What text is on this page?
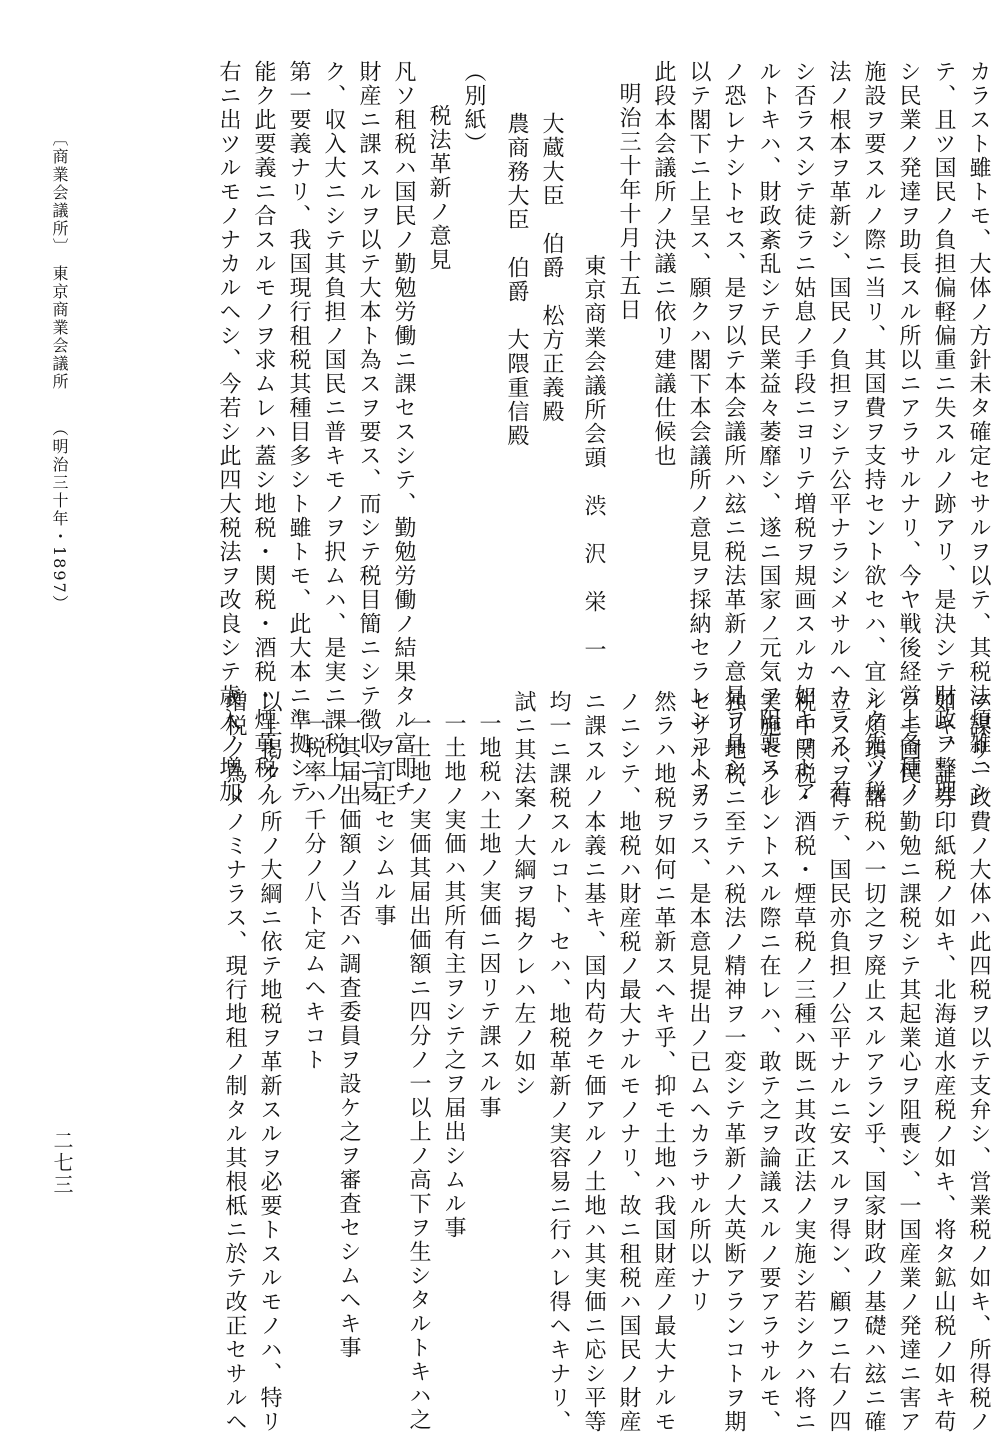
カラスト雖トモ、大体ノ方針未タ確定セサルヲ以テ、其税法煩雑ニシ
テ、且ツ国民ノ負担偏軽偏重ニ失スルノ跡アリ、是決シテ財政ヲ整理
シ民業ノ発達ヲ助長スル所以ニアラサルナリ、今ヤ戦後経営上各種ノ
施設ヲ要スルノ際ニ当リ、其国費ヲ支持セント欲セハ、宜シク先ツ税
法ノ根本ヲ革新シ、国民ノ負担ヲシテ公平ナラシメサルヘカラス、若
シ否ラスシテ徒ラニ姑息ノ手段ニヨリテ増税ヲ規画スルカ如キコトア
ルトキハ、財政紊乱シテ民業益々萎靡シ、遂ニ国家ノ元気ヲ阻喪スル
ノ恐レナシトセス、是ヲ以テ本会議所ハ玆ニ税法革新ノ意見ヲ具シ、
以テ閣下ニ上呈ス、願クハ閣下本会議所ノ意見ヲ採納セラレンコトヲ
此段本会議所ノ決議ニ依リ建議仕候也
明治三十年十月十五日
東京商業会議所会頭　渋　沢　栄　一
大蔵大臣　伯爵　松方正義殿
農商務大臣　伯爵　大隈重信殿
（別紙）
税法革新ノ意見
凡ソ租税ハ国民ノ勤勉労働ニ課セスシテ、勤勉労働ノ結果タル富即チ
財産ニ課スルヲ以テ大本ト為スヲ要ス、而シテ税目簡ニシテ徴収ニ易
ク、収入大ニシテ其負担ノ国民ニ普キモノヲ択ムハ、是実ニ課税上ノ
第一要義ナリ、我国現行租税其種目多シト雖トモ、此大本ニ準拠シテ
能ク此要義ニ合スルモノヲ求ムレハ蓋シ地税・関税・酒税・煙草税ノ
右ニ出ツルモノナカルヘシ、今若シ此四大税法ヲ改良シテ歳入ノ増加
ヲ謀リ、政費ノ大体ハ此四税ヲ以テ支弁シ、営業税ノ如キ、所得税ノ
如キ、証券印紙税ノ如キ、北海道水産税ノ如キ、将タ鉱山税ノ如キ苟
クモ国民ノ勤勉ニ課税シテ其起業心ヲ阻喪シ、一国産業ノ発達ニ害ア
ル煩瑣ノ諸税ハ一切之ヲ廃止スルアラン乎、国家財政ノ基礎ハ玆ニ確
立スルヲ得テ、国民亦負担ノ公平ナルニ安スルヲ得ン、顧フニ右ノ四
税中関税・酒税・煙草税ノ三種ハ既ニ其改正法ノ実施シ若シクハ将ニ
実施セラレントスル際ニ在レハ、敢テ之ヲ論議スルノ要アラサルモ、
独リ地税ニ至テハ税法ノ精神ヲ一変シテ革新ノ大英断アランコトヲ期
セサルヘカラス、是本意見提出ノ已ムヘカラサル所以ナリ
然ラハ地税ヲ如何ニ革新スヘキ乎、抑モ土地ハ我国財産ノ最大ナルモ
ノニシテ、地税ハ財産税ノ最大ナルモノナリ、故ニ租税ハ国民ノ財産
ニ課スルノ本義ニ基キ、国内苟クモ価アルノ土地ハ其実価ニ応シ平等
均一ニ課税スルコト、セハ、地税革新ノ実容易ニ行ハレ得ヘキナリ、
試ニ其法案ノ大綱ヲ掲クレハ左ノ如シ
一地税ハ土地ノ実価ニ因リテ課スル事
一土地ノ実価ハ其所有主ヲシテ之ヲ届出シムル事
一土地ノ実価其届出価額ニ四分ノ一以上ノ高下ヲ生シタルトキハ之
ヲ訂正セシムル事
一其届出価額ノ当否ハ調査委員ヲ設ケ之ヲ審査セシムヘキ事
一税率ハ千分ノ八ト定ムヘキコト
以上掲クル所ノ大綱ニ依テ地税ヲ革新スルヲ必要トスルモノハ、特リ
増税ノ為メノミナラス、現行地租ノ制タル其根柢ニ於テ改正セサルヘ
〔商業会議所〕
東京商業会議所
（明治三十年・1897）
二七三
